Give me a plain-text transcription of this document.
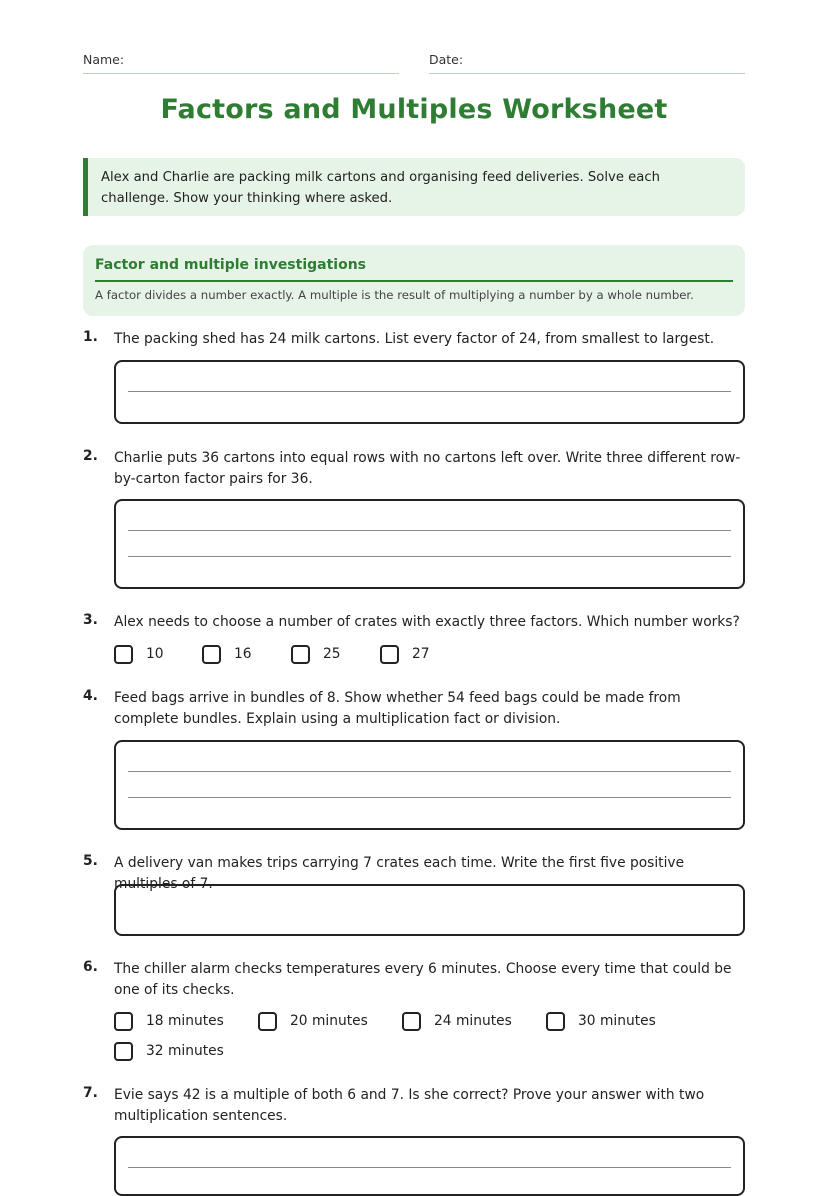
Name:	Date:
Factors and Multiples Worksheet
Alex and Charlie are packing milk cartons and organising feed deliveries. Solve each challenge. Show your thinking where asked.
Factor and multiple investigations
A factor divides a number exactly. A multiple is the result of multiplying a number by a whole number.
1. The packing shed has 24 milk cartons. List every factor of 24, from smallest to largest.
2. Charlie puts 36 cartons into equal rows with no cartons left over. Write three different row-by-carton factor pairs for 36.
3. Alex needs to choose a number of crates with exactly three factors. Which number works?
10	16	25	27
4. Feed bags arrive in bundles of 8. Show whether 54 feed bags could be made from complete bundles. Explain using a multiplication fact or division.
5. A delivery van makes trips carrying 7 crates each time. Write the first five positive multiples of 7.
6. The chiller alarm checks temperatures every 6 minutes. Choose every time that could be one of its checks.
18 minutes	20 minutes	24 minutes	30 minutes
32 minutes
7. Evie says 42 is a multiple of both 6 and 7. Is she correct? Prove your answer with two multiplication sentences.
